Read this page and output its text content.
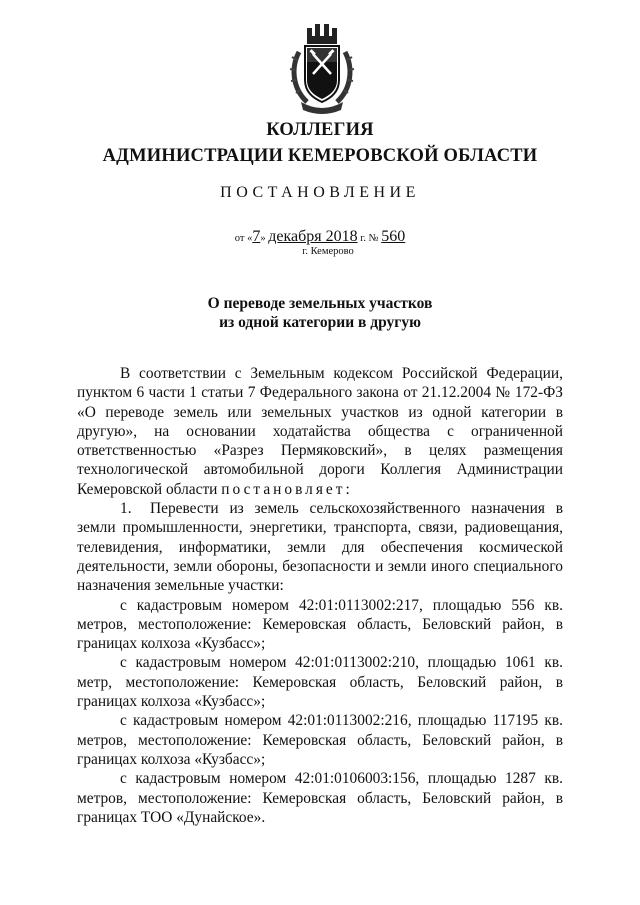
КОЛЛЕГИЯ
АДМИНИСТРАЦИИ КЕМЕРОВСКОЙ ОБЛАСТИ
ПОСТАНОВЛЕНИЕ
от «7» декабря 2018 г. № 560
г. Кемерово
О переводе земельных участков
из одной категории в другую

В соответствии с Земельным кодексом Российской Федерации, пунктом 6 части 1 статьи 7 Федерального закона от 21.12.2004 № 172-ФЗ «О переводе земель или земельных участков из одной категории в другую», на основании ходатайства общества с ограниченной ответственностью «Разрез Пермяковский», в целях размещения технологической автомобильной дороги Коллегия Администрации Кемеровской области постановляет:

1. Перевести из земель сельскохозяйственного назначения в земли промышленности, энергетики, транспорта, связи, радиовещания, телевидения, информатики, земли для обеспечения космической деятельности, земли обороны, безопасности и земли иного специального назначения земельные участки:

с кадастровым номером 42:01:0113002:217, площадью 556 кв. метров, местоположение: Кемеровская область, Беловский район, в границах колхоза «Кузбасс»;

с кадастровым номером 42:01:0113002:210, площадью 1061 кв. метр, местоположение: Кемеровская область, Беловский район, в границах колхоза «Кузбасс»;

с кадастровым номером 42:01:0113002:216, площадью 117195 кв. метров, местоположение: Кемеровская область, Беловский район, в границах колхоза «Кузбасс»;

с кадастровым номером 42:01:0106003:156, площадью 1287 кв. метров, местоположение: Кемеровская область, Беловский район, в границах ТОО «Дунайское».
